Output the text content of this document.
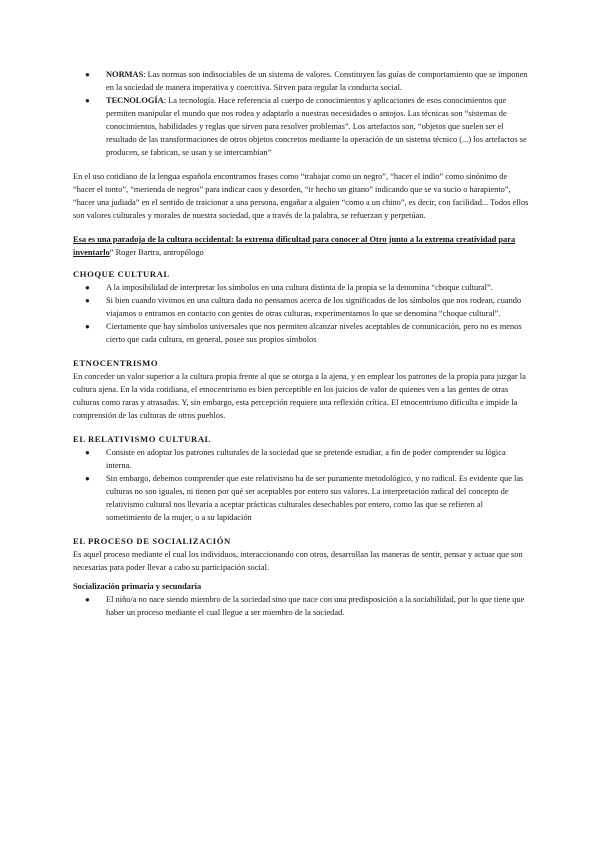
● NORMAS: Las normas son indisociables de un sistema de valores. Constituyen las guías de comportamiento que se imponen en la sociedad de manera imperativa y coercitiva. Sirven para regular la conducta social.
● TECNOLOGÍA: La tecnología. Hace referencia al cuerpo de conocimientos y aplicaciones de esos conocimientos que permiten manipular el mundo que nos rodea y adaptarlo a nuestras necesidades o antojos. Las técnicas son “sistemas de conocimientos, habilidades y reglas que sirven para resolver problemas”. Los artefactos son, “objetos que suelen ser el resultado de las transformaciones de otros objetos concretos mediante la operación de un sistema técnico (...) los artefactos se producen, se fabrican, se usan y se intercambian”

En el uso cotidiano de la lengua española encontramos frases como “trabajar como un negro”, “hacer el indio” como sinónimo de “hacer el tonto”, “merienda de negros” para indicar caos y desorden, “ir hecho un gitano” indicando que se va sucio o harapiento”, “hacer una judiada” en el sentido de traicionar a una persona, engañar a alguien “como a un chino”, es decir, con facilidad... Todos ellos son valores culturales y morales de nuestra sociedad, que a través de la palabra, se refuerzan y perpetúan.

Esa es una paradoja de la cultura occidental: la extrema dificultad para conocer al Otro junto a la extrema creatividad para inventarlo” Roger Bartra, antropólogo

CHOQUE CULTURAL

● A la imposibilidad de interpretar los símbolos en una cultura distinta de la propia se la denomina “choque cultural”.
● Si bien cuando vivimos en una cultura dada no pensamos acerca de los significados de los símbolos que nos rodean, cuando viajamos o entramos en contacto con gentes de otras culturas, experimentamos lo que se denomina “choque cultural”.
● Ciertamente que hay símbolos universales que nos permiten alcanzar niveles aceptables de comunicación, pero no es menos cierto que cada cultura, en general, posee sus propios símbolos

ETNOCENTRISMO

En conceder un valor superior a la cultura propia frente al que se otorga a la ajena, y en emplear los patrones de la propia para juzgar la cultura ajena. En la vida cotidiana, el etnocentrismo es bien perceptible en los juicios de valor de quienes ven a las gentes de otras culturas como raras y atrasadas. Y, sin embargo, esta percepción requiere una reflexión crítica. El etnocentrismo dificulta e impide la comprensión de las culturas de otros pueblos.

EL RELATIVISMO CULTURAL

● Consiste en adoptar los patrones culturales de la sociedad que se pretende estudiar, a fin de poder comprender su lógica interna.
● Sin embargo, debemos comprender que este relativismo ha de ser puramente metodológico, y no radical. Es evidente que las culturas no son iguales, ni tienen por qué ser aceptables por entero sus valores. La interpretación radical del concepto de relativismo cultural nos llevaría a aceptar prácticas culturales desechables por entero, como las que se refieren al sometimiento de la mujer, o a su lapidación

EL PROCESO DE SOCIALIZACIÓN

Es aquel proceso mediante el cual los individuos, interaccionando con otros, desarrollan las maneras de sentir, pensar y actuar que son necesarias para poder llevar a cabo su participación social.

Socialización primaria y secundaria

● El niño/a no nace siendo miembro de la sociedad sino que nace con una predisposición a la sociabilidad, por lo que tiene que haber un proceso mediante el cual llegue a ser miembro de la sociedad.
